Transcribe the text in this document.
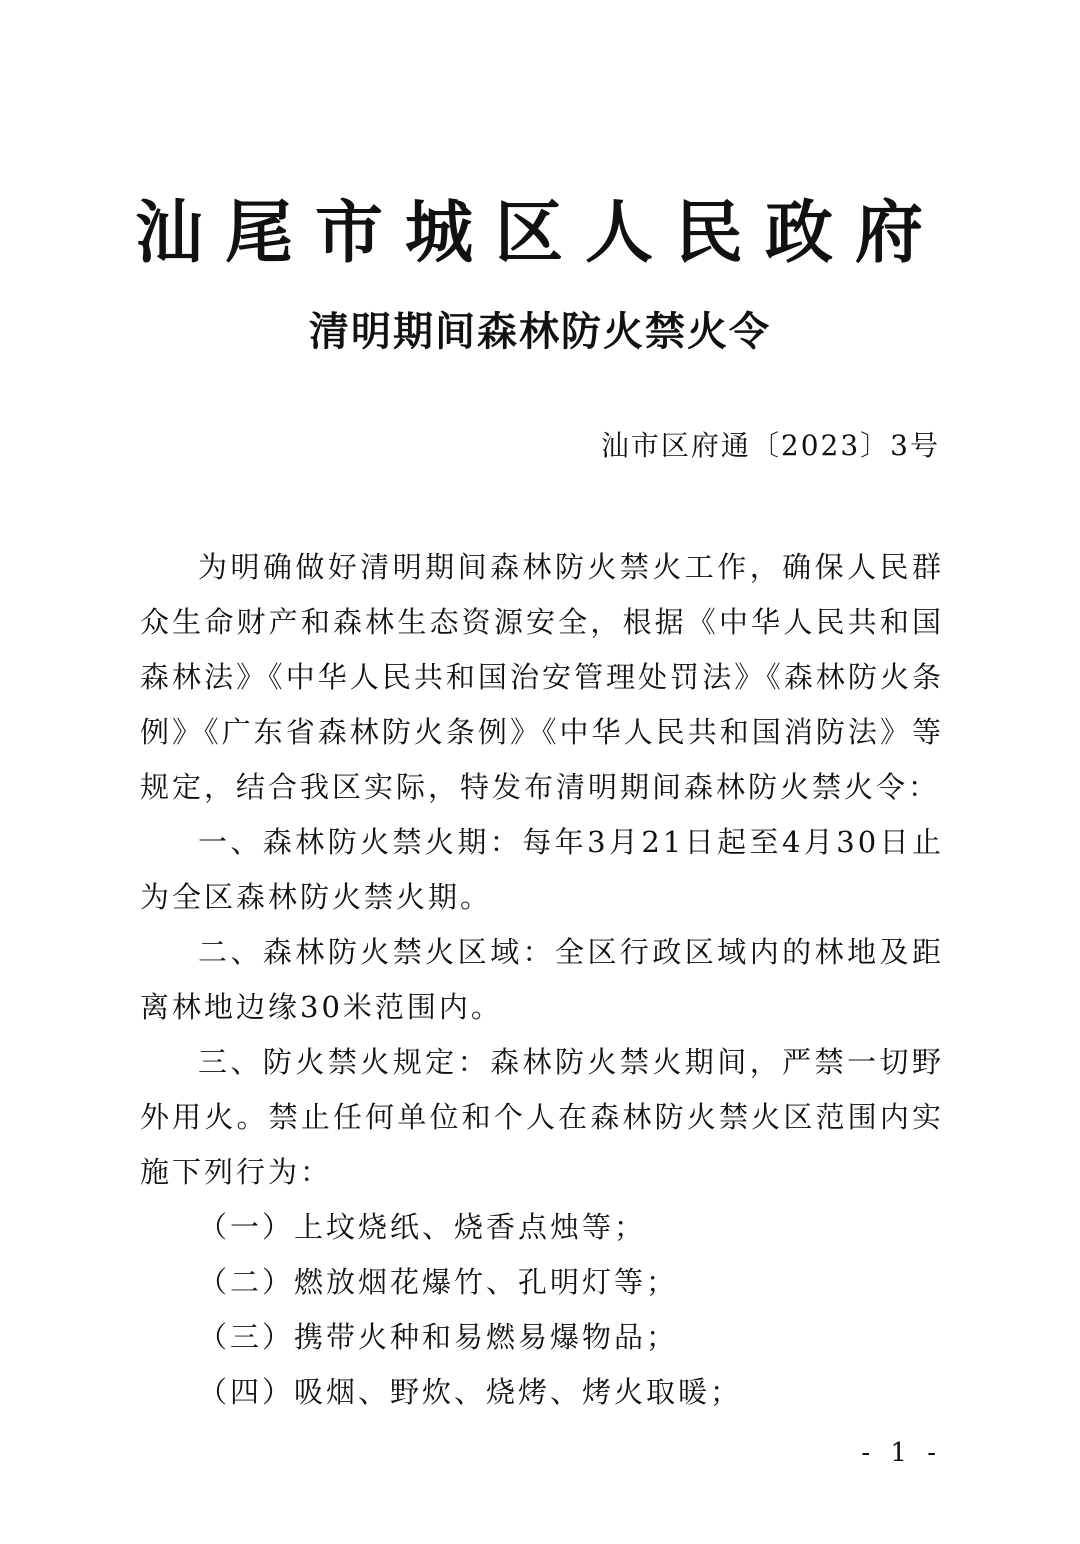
汕尾市城区人民政府
清明期间森林防火禁火令
汕市区府通〔2023〕3号

为明确做好清明期间森林防火禁火工作，确保人民群众生命财产和森林生态资源安全，根据《中华人民共和国森林法》《中华人民共和国治安管理处罚法》《森林防火条例》《广东省森林防火条例》《中华人民共和国消防法》等规定，结合我区实际，特发布清明期间森林防火禁火令：

一、森林防火禁火期：每年3月21日起至4月30日止为全区森林防火禁火期。

二、森林防火禁火区域：全区行政区域内的林地及距离林地边缘30米范围内。

三、防火禁火规定：森林防火禁火期间，严禁一切野外用火。禁止任何单位和个人在森林防火禁火区范围内实施下列行为：

（一）上坟烧纸、烧香点烛等；

（二）燃放烟花爆竹、孔明灯等；

（三）携带火种和易燃易爆物品；

（四）吸烟、野炊、烧烤、烤火取暖；

- 1 -
